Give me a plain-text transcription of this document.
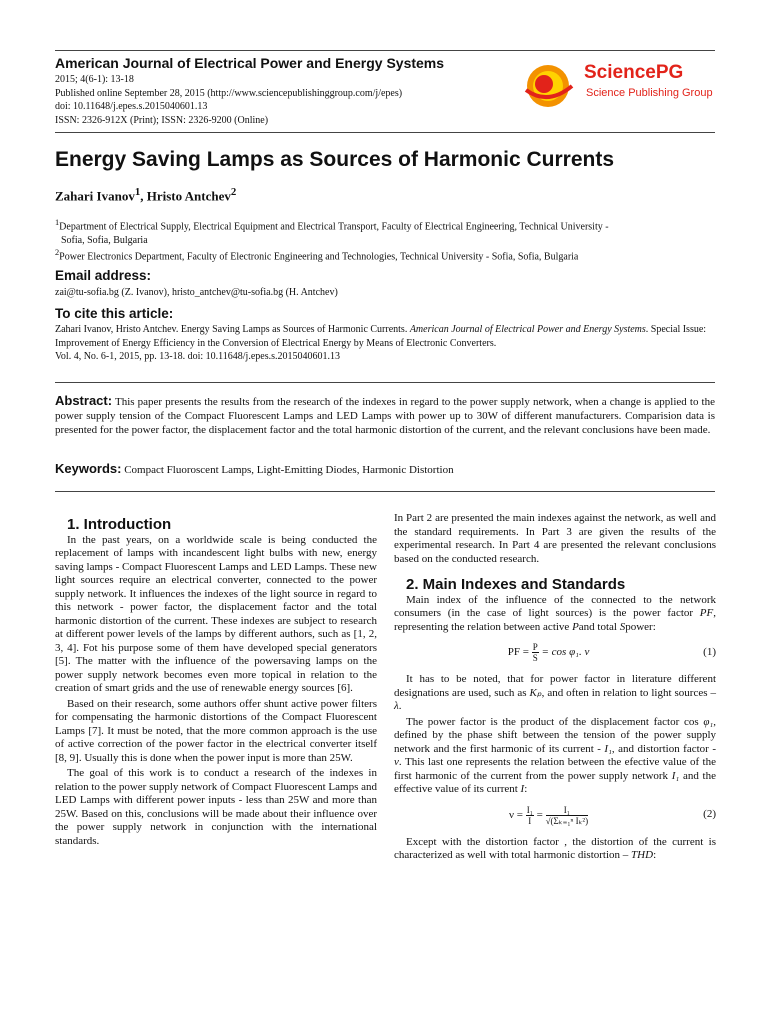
American Journal of Electrical Power and Energy Systems
2015; 4(6-1): 13-18
Published online September 28, 2015 (http://www.sciencepublishinggroup.com/j/epes)
doi: 10.11648/j.epes.s.2015040601.13
ISSN: 2326-912X (Print); ISSN: 2326-9200 (Online)
SciencePG
Science Publishing Group
Energy Saving Lamps as Sources of Harmonic Currents
Zahari Ivanov$^1$, Hristo Antchev$^2$
$^1$Department of Electrical Supply, Electrical Equipment and Electrical Transport, Faculty of Electrical Engineering, Technical University -
Sofia, Sofia, Bulgaria
$^2$Power Electronics Department, Faculty of Electronic Engineering and Technologies, Technical University - Sofia, Sofia, Bulgaria
Email address:
zai@tu-sofia.bg (Z. Ivanov), hristo_antchev@tu-sofia.bg (H. Antchev)
To cite this article:
Zahari Ivanov, Hristo Antchev. Energy Saving Lamps as Sources of Harmonic Currents. American Journal of Electrical Power and Energy Systems. Special Issue: Improvement of Energy Efficiency in the Conversion of Electrical Energy by Means of Electronic Converters.
Vol. 4, No. 6-1, 2015, pp. 13-18. doi: 10.11648/j.epes.s.2015040601.13
Abstract: This paper presents the results from the research of the indexes in regard to the power supply network, when a change is applied to the power supply tension of the Compact Fluorescent Lamps and LED Lamps with power up to 30W of different manufacturers. Comparision data is presented for the power factor, the displacement factor and the total harmonic distortion of the current, and the relevant conclusions have been made.
Keywords: Compact Fluoroscent Lamps, Light-Emitting Diodes, Harmonic Distortion

1. Introduction

In the past years, on a worldwide scale is being conducted the replacement of lamps with incandescent light bulbs with new, energy saving lamps - Compact Fluorescent Lamps and LED Lamps. These new light sources require an electrical converter, connected to the power supply network. It influences the indexes of the light source in regard to this network - power factor, the displacement factor and the total harmonic distortion of the current. These indexes are subject to research at different power levels of the lamps by different authors, such as [1, 2, 3, 4]. Fot his purpose some of them have developed special generators [5]. The matter with the influence of the powersaving lamps on the power supply network becomes even more topical in relation to the creation of smart grids and the use of renewable energy sources [6].

Based on their research, some authors offer shunt active power filters for compensating the harmonic distortions of the Compact Fluorescent Lamps [7]. It must be noted, that the more common approach is the use of active correction of the power factor in the electrical converter itself [8, 9]. Usually this is done when the power input is more than 25W.

The goal of this work is to conduct a research of the indexes in relation to the power supply network of Compact Fluorescent Lamps and LED Lamps with different power inputs - less than 25W and more than 25W. Based on this, conclusions will be made about their influence over the power supply network in conjunction with the international standards.

In Part 2 are presented the main indexes against the network, as well and the standard requirements. In Part 3 are given the results of the experimental research. In Part 4 are presented the relevant conclusions based on the conducted research.

2. Main Indexes and Standards

Main index of the influence of the connected to the network consumers (in the case of light sources) is the power factor PF, representing the relation between active Pand total Spower:

PF = $\frac{P}{S} = \cos \varphi_1$. ν	(1)

It has to be noted, that for power factor in literature different designations are used, such as Kₚ, and often in relation to light sources – λ.

The power factor is the product of the displacement factor cos φ₁, defined by the phase shift between the tension of the power supply network and the first harmonic of its current - I₁, and distortion factor - ν. This last one represents the relation between the efective value of the first harmonic of the current from the power supply network I₁ and the effective value of its current I:

$\nu = \frac{\text{I₁}}{I} = \frac{\text{I₁}}{\text{√(Σₖ₌₁ⁿ Iₖ²)}}$	(2)

Except with the distortion factor , the distortion of the current is characterized as well with total harmonic distortion – THD:
